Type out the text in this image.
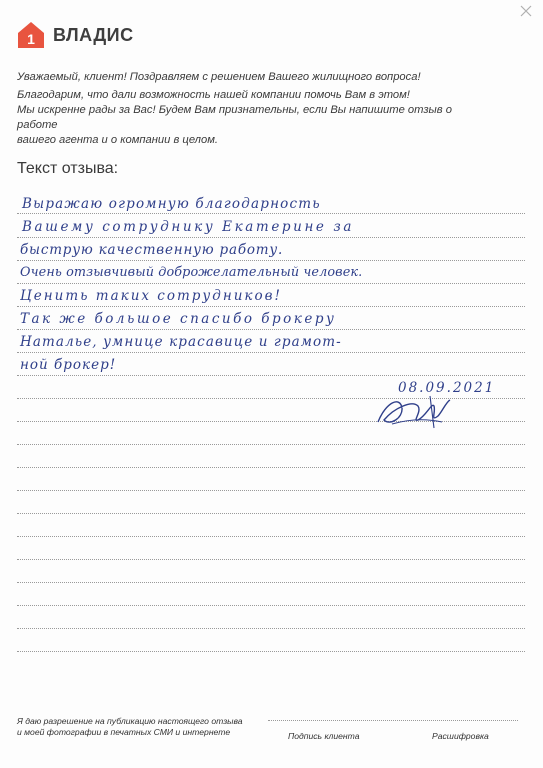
1 ВЛАДИС
Уважаемый, клиент! Поздравляем с решением Вашего жилищного вопроса!
Благодарим, что дали возможность нашей компании помочь Вам в этом!
Мы искренне рады за Вас! Будем Вам признательны, если Вы напишите отзыв о работе
вашего агента и о компании в целом.
Текст отзыва:
Выражаю огромную благодарность
Вашему сотруднику Екатерине за
быструю качественную работу.
Очень отзывчивый доброжелательный человек.
Ценить таких сотрудников!
Так же большое спасибо брокеру
Наталье, умнице красавице и грамот-
ной брокер!
08.09.2021
Я даю разрешение на публикацию настоящего отзыва
и моей фотографии в печатных СМИ и интернете	Подпись клиента	Расшифровка
